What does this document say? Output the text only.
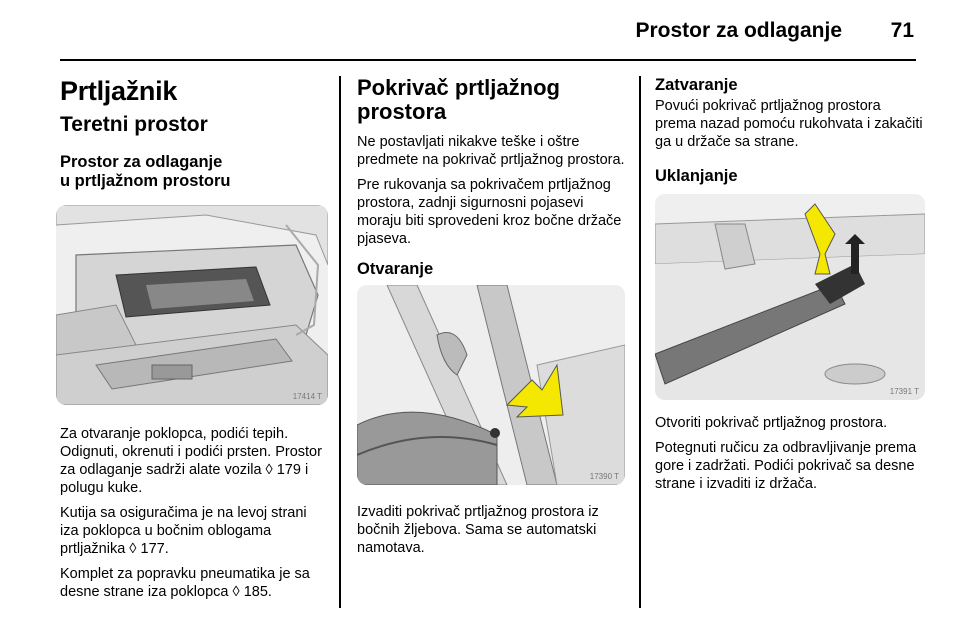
Prostor za odlaganje 71
Prtljažnik
Teretni prostor
Prostor za odlaganje
u prtljažnom prostoru
17414 T

Za otvaranje poklopca, podići tepih. Odignuti, okrenuti i podići prsten. Prostor za odlaganje sadrži alate vozila ◊ 179 i polugu kuke.

Kutija sa osiguračima je na levoj strani iza poklopca u bočnim oblogama prtljažnika ◊ 177.

Komplet za popravku pneumatika je sa desne strane iza poklopca ◊ 185.

Pokrivač prtljažnog
prostora

Ne postavljati nikakve teške i oštre predmete na pokrivač prtljažnog prostora.

Pre rukovanja sa pokrivačem prtljažnog prostora, zadnji sigurnosni pojasevi moraju biti sprovedeni kroz bočne držače pjaseva.

Otvaranje
17390 T

Izvaditi pokrivač prtljažnog prostora iz bočnih žljebova. Sama se automatski namotava.

Zatvaranje

Povući pokrivač prtljažnog prostora prema nazad pomoću rukohvata i zakačiti ga u držače sa strane.

Uklanjanje
17391 T

Otvoriti pokrivač prtljažnog prostora.

Potegnuti ručicu za odbravljivanje prema gore i zadržati. Podići pokrivač sa desne strane i izvaditi iz držača.
